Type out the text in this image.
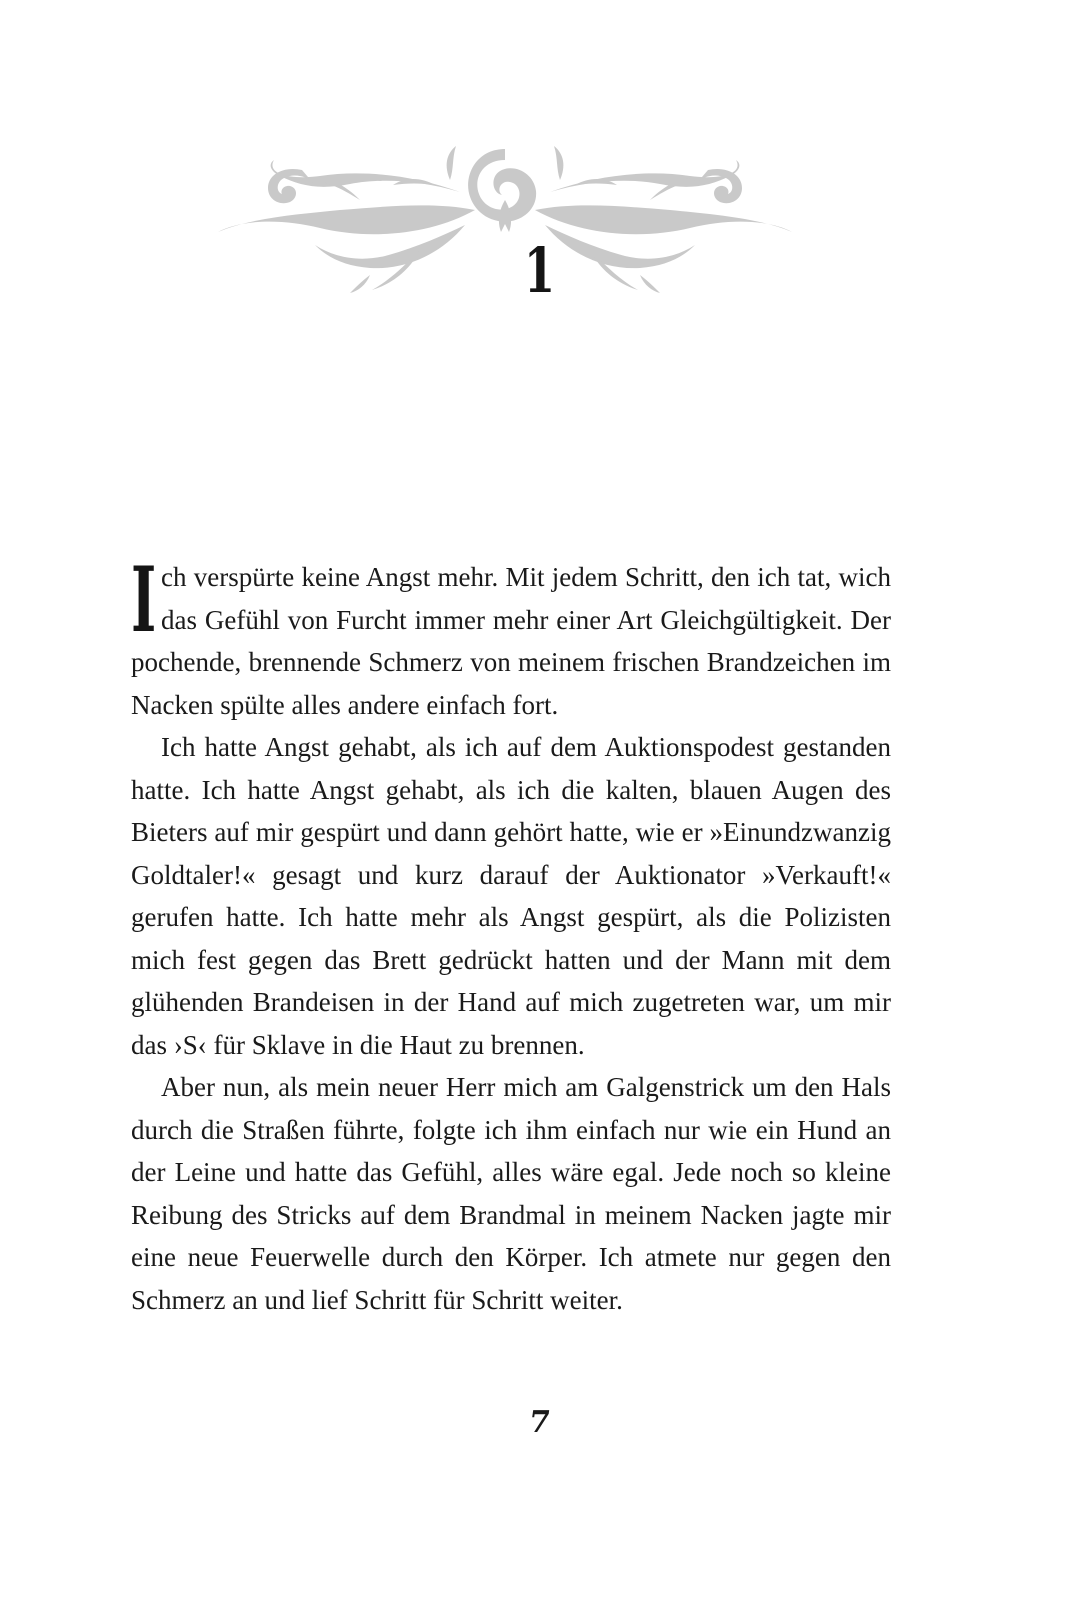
1

Ich verspürte keine Angst mehr. Mit jedem Schritt, den ich tat, wich das Gefühl von Furcht immer mehr einer Art Gleichgültigkeit. Der pochende, brennende Schmerz von meinem frischen Brandzeichen im Nacken spülte alles andere einfach fort.

Ich hatte Angst gehabt, als ich auf dem Auktionspodest gestanden hatte. Ich hatte Angst gehabt, als ich die kalten, blauen Augen des Bieters auf mir gespürt und dann gehört hatte, wie er »Einundzwanzig Goldtaler!« gesagt und kurz darauf der Auktionator »Verkauft!« gerufen hatte. Ich hatte mehr als Angst gespürt, als die Polizisten mich fest gegen das Brett gedrückt hatten und der Mann mit dem glühenden Brandeisen in der Hand auf mich zugetreten war, um mir das ›S‹ für Sklave in die Haut zu brennen.

Aber nun, als mein neuer Herr mich am Galgenstrick um den Hals durch die Straßen führte, folgte ich ihm einfach nur wie ein Hund an der Leine und hatte das Gefühl, alles wäre egal. Jede noch so kleine Reibung des Stricks auf dem Brandmal in meinem Nacken jagte mir eine neue Feuerwelle durch den Körper. Ich atmete nur gegen den Schmerz an und lief Schritt für Schritt weiter.

7
